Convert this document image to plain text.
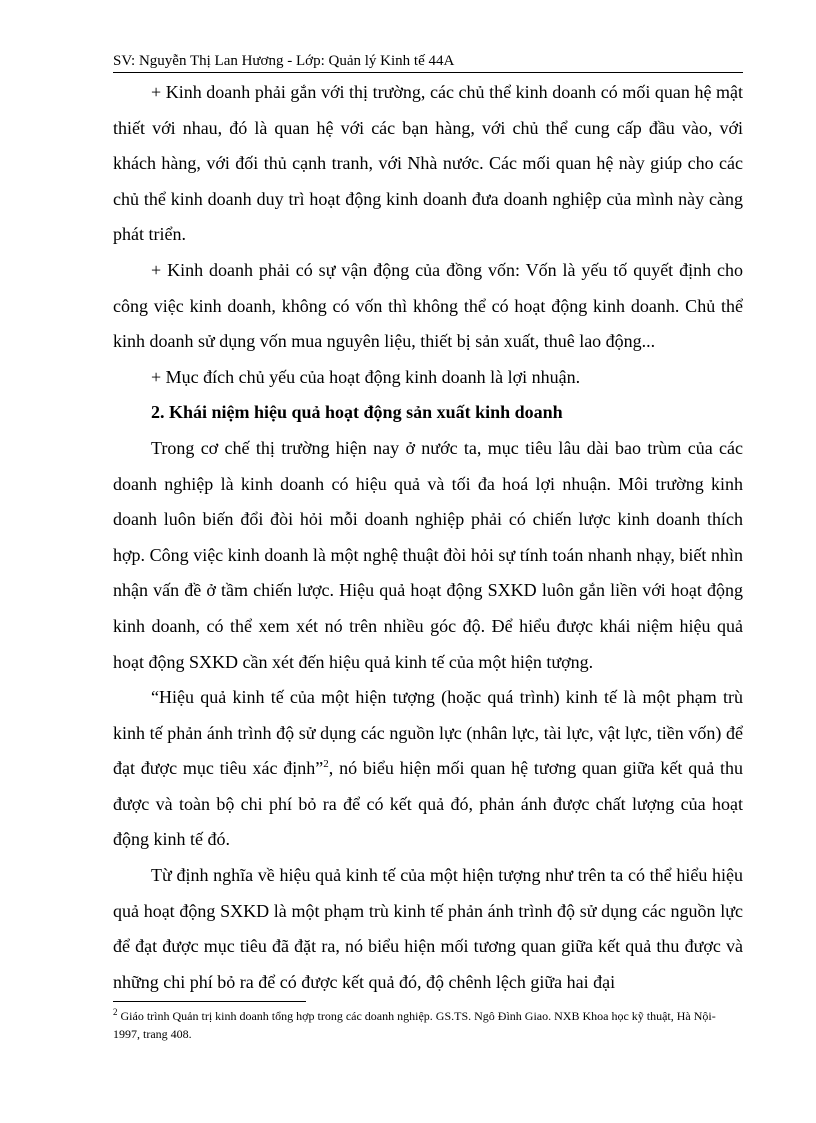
SV: Nguyễn Thị Lan Hương - Lớp: Quản lý Kinh tế 44A

+ Kinh doanh phải gắn với thị trường, các chủ thể kinh doanh có mối quan hệ mật thiết với nhau, đó là quan hệ với các bạn hàng, với chủ thể cung cấp đầu vào, với khách hàng, với đối thủ cạnh tranh, với Nhà nước. Các mối quan hệ này giúp cho các chủ thể kinh doanh duy trì hoạt động kinh doanh đưa doanh nghiệp của mình này càng phát triển.

+ Kinh doanh phải có sự vận động của đồng vốn: Vốn là yếu tố quyết định cho công việc kinh doanh, không có vốn thì không thể có hoạt động kinh doanh. Chủ thể kinh doanh sử dụng vốn mua nguyên liệu, thiết bị sản xuất, thuê lao động...

+ Mục đích chủ yếu của hoạt động kinh doanh là lợi nhuận.

2. Khái niệm hiệu quả hoạt động sản xuất kinh doanh

Trong cơ chế thị trường hiện nay ở nước ta, mục tiêu lâu dài bao trùm của các doanh nghiệp là kinh doanh có hiệu quả và tối đa hoá lợi nhuận. Môi trường kinh doanh luôn biến đổi đòi hỏi mỗi doanh nghiệp phải có chiến lược kinh doanh thích hợp. Công việc kinh doanh là một nghệ thuật đòi hỏi sự tính toán nhanh nhạy, biết nhìn nhận vấn đề ở tầm chiến lược. Hiệu quả hoạt động SXKD luôn gắn liền với hoạt động kinh doanh, có thể xem xét nó trên nhiều góc độ. Để hiểu được khái niệm hiệu quả hoạt động SXKD cần xét đến hiệu quả kinh tế của một hiện tượng.

“Hiệu quả kinh tế của một hiện tượng (hoặc quá trình) kinh tế là một phạm trù kinh tế phản ánh trình độ sử dụng các nguồn lực (nhân lực, tài lực, vật lực, tiền vốn) để đạt được mục tiêu xác định”$^2$, nó biểu hiện mối quan hệ tương quan giữa kết quả thu được và toàn bộ chi phí bỏ ra để có kết quả đó, phản ánh được chất lượng của hoạt động kinh tế đó.

Từ định nghĩa về hiệu quả kinh tế của một hiện tượng như trên ta có thể hiểu hiệu quả hoạt động SXKD là một phạm trù kinh tế phản ánh trình độ sử dụng các nguồn lực để đạt được mục tiêu đã đặt ra, nó biểu hiện mối tương quan giữa kết quả thu được và những chi phí bỏ ra để có được kết quả đó, độ chênh lệch giữa hai đại

$^2$ Giáo trình Quản trị kinh doanh tổng hợp trong các doanh nghiệp. GS.TS. Ngô Đình Giao. NXB Khoa học kỹ thuật, Hà Nội- 1997, trang 408.
